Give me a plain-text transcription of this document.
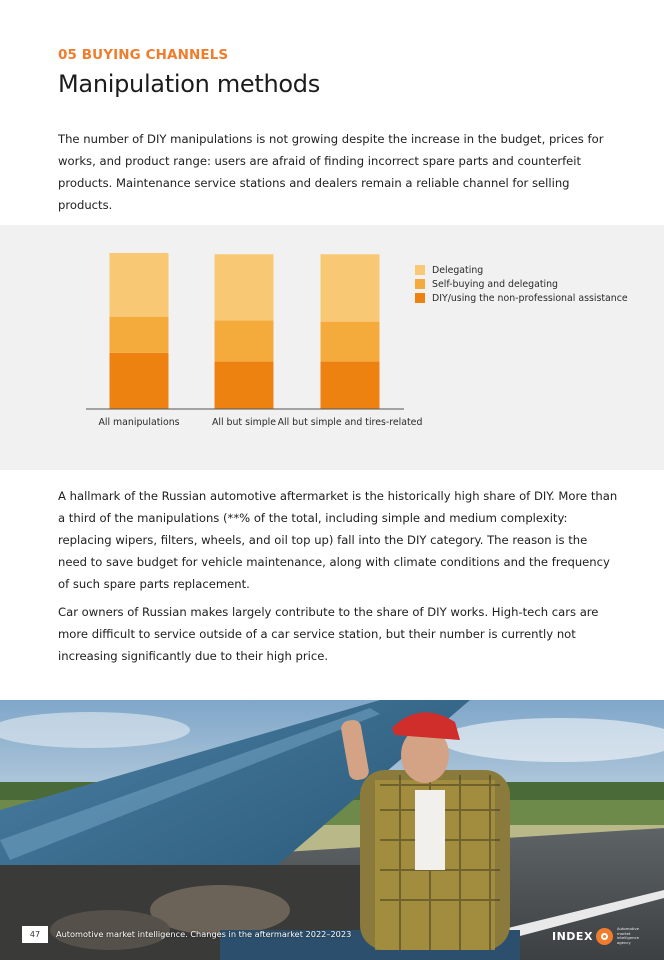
05 BUYING CHANNELS
Manipulation methods

The number of DIY manipulations is not growing despite the increase in the budget, prices for works, and product range: users are afraid of finding incorrect spare parts and counterfeit products. Maintenance service stations and dealers remain a reliable channel for selling products.

All manipulations	All but simple All but simple and tires-related
Delegating
Self-buying and delegating
DIY/using the non-professional assistance

A hallmark of the Russian automotive aftermarket is the historically high share of DIY. More than a third of the manipulations (**% of the total, including simple and medium complexity: replacing wipers, filters, wheels, and oil top up) fall into the DIY category. The reason is the need to save budget for vehicle maintenance, along with climate conditions and the frequency of such spare parts replacement.

Car owners of Russian makes largely contribute to the share of DIY works. High-tech cars are more difficult to service outside of a car service station, but their number is currently not increasing significantly due to their high price.

47	Automotive market intelligence. Changes in the aftermarket 2022–2023	INDEX
Automotive market intelligence agency
